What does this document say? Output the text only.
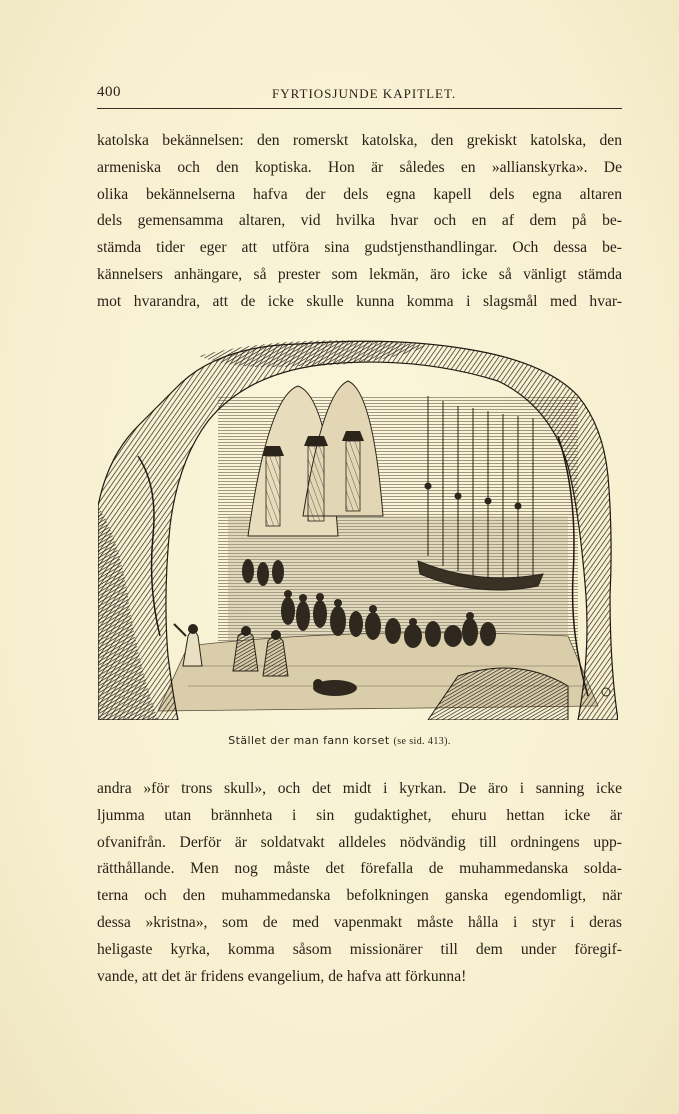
400	FYRTIOSJUNDE KAPITLET.
katolska bekännelsen: den romerskt katolska, den grekiskt katolska, den
armeniska och den koptiska. Hon är således en »allianskyrka». De
olika bekännelserna hafva der dels egna kapell dels egna altaren
dels gemensamma altaren, vid hvilka hvar och en af dem på be-
stämda tider eger att utföra sina gudstjensthandlingar. Och dessa be-
kännelsers anhängare, så prester som lekmän, äro icke så vänligt stämda
mot hvarandra, att de icke skulle kunna komma i slagsmål med hvar-
Stället der man fann korset (se sid. 413).
andra »för trons skull», och det midt i kyrkan. De äro i sanning icke
ljumma utan brännheta i sin gudaktighet, ehuru hettan icke är
ofvanifrån. Derför är soldatvakt alldeles nödvändig till ordningens upp-
rätthållande. Men nog måste det förefalla de muhammedanska solda-
terna och den muhammedanska befolkningen ganska egendomligt, när
dessa »kristna», som de med vapenmakt måste hålla i styr i deras
heligaste kyrka, komma såsom missionärer till dem under föregif-
vande, att det är fridens evangelium, de hafva att förkunna!
